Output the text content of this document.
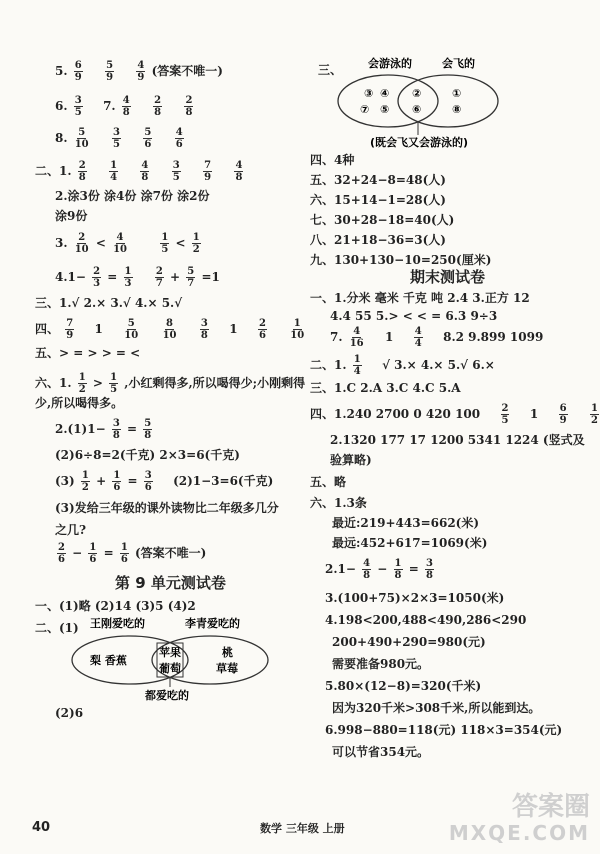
5. $\frac{6}{9}$
$\frac{5}{9}$
$\frac{4}{9}$ (答案不唯一)
6. $\frac{3}{5} 7$. $\frac{4}{8}$
$\frac{2}{8}$
$\frac{2}{8}$
8. $\frac{5}{10}$
$\frac{3}{5}$
$\frac{5}{6}$
$\frac{4}{6}$
二、1. $\frac{2}{8}$
$\frac{1}{4}$
$\frac{4}{8}$
$\frac{3}{5}$
$\frac{7}{9}$
$\frac{4}{8}$
2.涂3份 涂4份 涂7份 涂2份
涂9份
3. $\frac{2}{10} < \frac{4}{10}$
	$\frac{1}{5} < \frac{1}{2}$
$4.1- \frac{2}{3} = \frac{1}{3}$
$\frac{2}{7} + \frac{5}{7} =1$
三、1.√ 2.× 3.√ 4.× 5.√
四、 $\frac{7}{9} 1 \frac{5}{10}$
$\frac{8}{10}$
$\frac{3}{8} 1 \frac{2}{6}$
$\frac{1}{10}$
五、> = > > = <
六、1. $\frac{1}{2} > \frac{1}{5}$ ,小红剩得多,所以喝得少;小刚剩得
少,所以喝得多。
$2.(1)1- \frac{3}{8} = \frac{5}{8}$
(2)6÷8=2(千克) 2×3=6(千克)
$(3) \frac{1}{2} + \frac{1}{6} = \frac{3}{6} (2)1-3=6$(千克)
(3)发给三年级的课外读物比二年级多几分
之几?
$\frac{2}{6} - \frac{1}{6} = \frac{1}{6}$ (答案不唯一)
第 9 单元测试卷
一、(1)略 (2)14 (3)5 (4)2
二、(1) 王刚爱吃的	李青爱吃的
梨 香蕉
苹果
葡萄
桃
草莓
都爱吃的
(2)6
三、 会游泳的	会飞的
③ ④
⑦ ⑤
②
⑥
①
⑧
(既会飞又会游泳的)
四、4种
五、32+24−8=48(人)
六、15+14−1=28(人)
七、30+28−18=40(人)
八、21+18−36=3(人)
九、130+130−10=250(厘米)
期末测试卷
一、1.分米 毫米 千克 吨 2.4 3.正方 12
4.4 55 5.> < < = 6.3 9÷3
7. $\frac{4}{16} 1 \frac{4}{4} 8.2$ 9.899 1099
二、1. $\frac{1}{4}$ √ 3.× 4.× 5.√ 6.×
三、1.C 2.A 3.C 4.C 5.A
四、1.240 2700 0 420 $100 \frac{2}{5} 1 \frac{6}{9}$
$\frac{1}{2}$
2.1320 177 17 1200 5341 1224 (竖式及
验算略)
五、略
六、1.3条
最近:219+443=662(米)
最远:452+617=1069(米)
$2.1- \frac{4}{8} - \frac{1}{8} = \frac{3}{8}$
3.(100+75)×2×3=1050(米)
4.198<200,488<490,286<290
200+490+290=980(元)
需要准备980元。
5.80×(12−8)=320(千米)
因为320千米>308千米,所以能到达。
6.998−880=118(元) 118×3=354(元)
可以节省354元。
40	数学 三年级 上册
答案圈
MXQE.COM
